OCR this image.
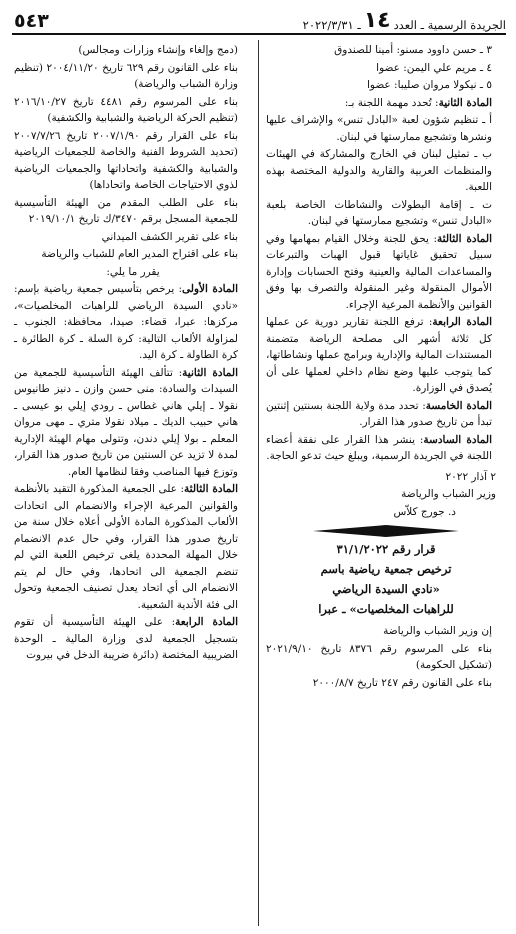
الجريدة الرسمية ـ العدد
١٤
ـ ٢٠٢٢/٣/٣١
٥٤٣

٣ ـ حسن داوود مسنو: أمينا للصندوق

٤ ـ مريم علي اليمن: عضوا

٥ ـ نيكولا مروان صليبا: عضوا

المادة الثانية: تُحدد مهمة اللجنة بـ:

أ ـ تنظيم شؤون لعبة «البادل تنس» والإشراف عليها ونشرها وتشجيع ممارستها في لبنان.

ب ـ تمثيل لبنان في الخارج والمشاركة في الهيئات والمنظمات العربية والقارية والدولية المختصة بهذه اللعبة.

ت ـ إقامة البطولات والنشاطات الخاصة بلعبة «البادل تنس» وتشجيع ممارستها في لبنان.

المادة الثالثة: يحق للجنة وخلال القيام بمهامها وفي سبيل تحقيق غاياتها قبول الهبات والتبرعات والمساعدات المالية والعينية وفتح الحسابات وإدارة الأموال المنقولة وغير المنقولة والتصرف بها وفق القوانين والأنظمة المرعية الإجراء.

المادة الرابعة: ترفع اللجنة تقارير دورية عن عملها كل ثلاثة أشهر الى مصلحة الرياضة متضمنة المستندات المالية والإدارية وبرامج عملها ونشاطاتها، كما يتوجب عليها وضع نظام داخلي لعملها على أن يُصدق في الوزارة.

المادة الخامسة: تحدد مدة ولاية اللجنة بسنتين إثنتين تبدأ من تاريخ صدور هذا القرار.

المادة السادسة: ينشر هذا القرار على نفقة أعضاء اللجنة في الجريدة الرسمية، ويبلغ حيث تدعو الحاجة.

٢ آذار ٢٠٢٢

وزير الشباب والرياضة

د. جورج كلاّس

قرار رقم ٣١/١/٢٠٢٢

ترخيص جمعية رياضية باسم

«نادي السيدة الرياضي

للراهبات المخلصيات» ـ عبرا

إن وزير الشباب والرياضة

بناء على المرسوم رقم ٨٣٧٦ تاريخ ٢٠٢١/٩/١٠ (تشكيل الحكومة)

بناء على القانون رقم ٢٤٧ تاريخ ٢٠٠٠/٨/٧

(دمج وإلغاء وإنشاء وزارات ومجالس)

بناء على القانون رقم ٦٢٩ تاريخ ٢٠٠٤/١١/٢٠ (تنظيم وزارة الشباب والرياضة)

بناء على المرسوم رقم ٤٤٨١ تاريخ ٢٠١٦/١٠/٢٧ (تنظيم الحركة الرياضية والشبابية والكشفية)

بناء على القرار رقم ٢٠٠٧/١/٩٠ تاريخ ٢٠٠٧/٧/٢٦ (تحديد الشروط الفنية والخاصة للجمعيات الرياضية والشبابية والكشفية واتحاداتها والجمعيات الرياضية لذوي الاحتياجات الخاصة واتحاداها)

بناء على الطلب المقدم من الهيئة التأسيسية للجمعية المسجل برقم ٣٤٧٠/ك تاريخ ٢٠١٩/١٠/١

بناء على تقرير الكشف الميداني

بناء على اقتراح المدير العام للشباب والرياضة

يقرر ما يلي:

المادة الأولى: يرخص بتأسيس جمعية رياضية بإسم: «نادي السيدة الرياضي للراهبات المخلصيات»، مركزها: عبرا، قضاء: صيدا، محافظة: الجنوب ـ لمزاولة الألعاب التالية: كرة السلة ـ كرة الطائرة ـ كرة الطاولة ـ كرة اليد.

المادة الثانية: تتألف الهيئة التأسيسية للجمعية من السيدات والسادة: منى حسن وازن ـ دنيز طانيوس نقولا ـ إيلي هاني غطاس ـ رودي إيلي بو عيسى ـ هاني حبيب الديك ـ ميلاد نقولا متري ـ مهى مروان المعلم ـ بولا إيلي دندن، وتتولى مهام الهيئة الإدارية لمدة لا تزيد عن السنتين من تاريخ صدور هذا القرار، وتوزع فيها المناصب وفقا لنظامها العام.

المادة الثالثة: على الجمعية المذكورة التقيد بالأنظمة والقوانين المرعية الإجراء والانضمام الى اتحادات الألعاب المذكورة المادة الأولى أعلاه خلال سنة من تاريخ صدور هذا القرار، وفي حال عدم الانضمام خلال المهلة المحددة يلغى ترخيص اللعبة التي لم تنضم الجمعية الى اتحادها، وفي حال لم يتم الانضمام الى أي اتحاد يعدل تصنيف الجمعية وتحول الى فئة الأندية الشعبية.

المادة الرابعة: على الهيئة التأسيسية أن تقوم بتسجيل الجمعية لدى وزارة المالية ـ الوحدة الضريبية المختصة (دائرة ضريبة الدخل في بيروت
